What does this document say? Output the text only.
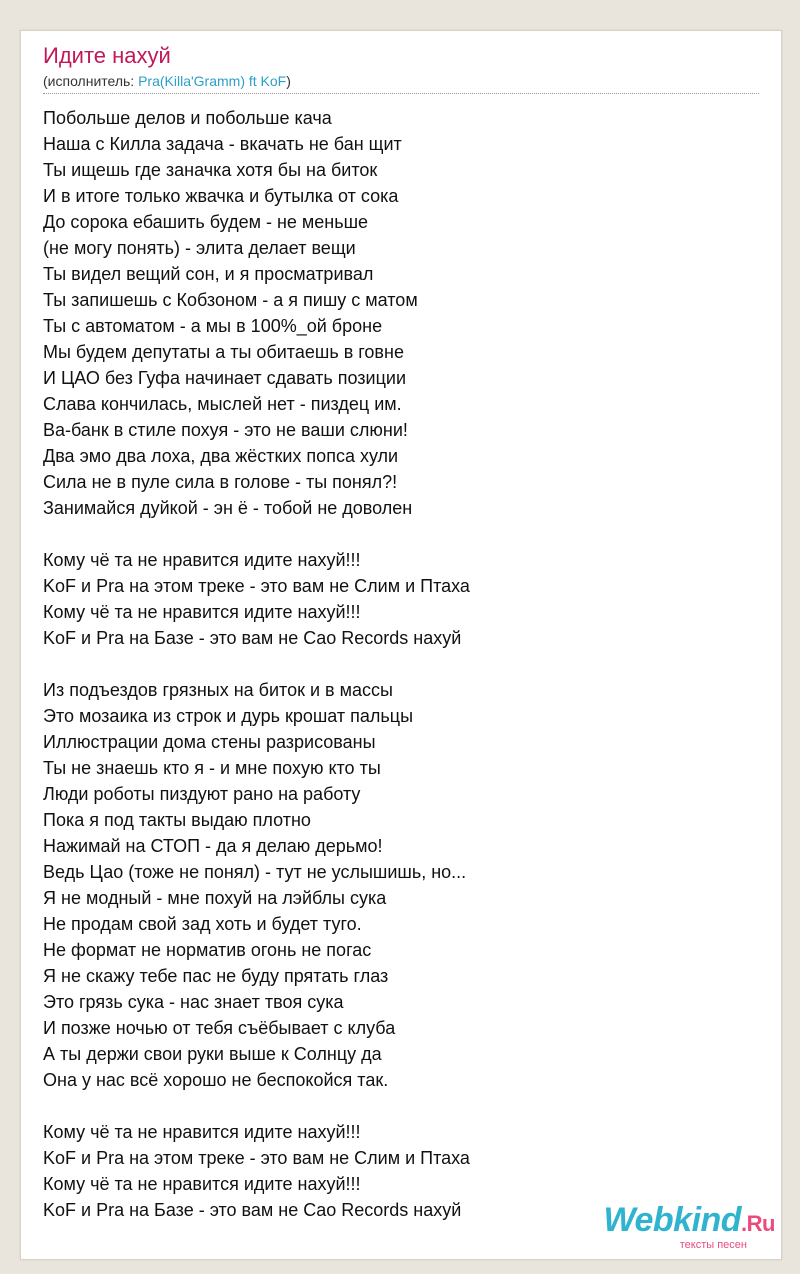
Идите нахуй
(исполнитель: Pra(Killa'Gramm) ft KoF)
Побольше делов и побольше кача
Наша с Килла задача - вкачать не бан щит
Ты ищешь где заначка хотя бы на биток
И в итоге только жвачка и бутылка от сока
До сорока ебашить будем - не меньше
(не могу понять) - элита делает вещи
Ты видел вещий сон, и я просматривал
Ты запишешь с Кобзоном - а я пишу с матом
Ты с автоматом - а мы в 100%_ой броне
Мы будем депутаты а ты обитаешь в говне
И ЦАО без Гуфа начинает сдавать позиции
Слава кончилась, мыслей нет - пиздец им.
Ва-банк в стиле похуя - это не ваши слюни!
Два эмо два лоха, два жёстких попса хули
Сила не в пуле сила в голове - ты понял?!
Занимайся дуйкой - эн ё - тобой не доволен
Кому чё та не нравится идите нахуй!!!
KoF и Pra на этом треке - это вам не Слим и Птаха
Кому чё та не нравится идите нахуй!!!
KoF и Pra на Базе - это вам не Cao Records нахуй
Из подъездов грязных на биток и в массы
Это мозаика из строк и дурь крошат пальцы
Иллюстрации дома стены разрисованы
Ты не знаешь кто я - и мне похую кто ты
Люди роботы пиздуют рано на работу
Пока я под такты выдаю плотно
Нажимай на СТОП - да я делаю дерьмо!
Ведь Цао (тоже не понял) - тут не услышишь, но...
Я не модный - мне похуй на лэйблы сука
Не продам свой зад хоть и будет туго.
Не формат не норматив огонь не погас
Я не скажу тебе пас не буду прятать глаз
Это грязь сука - нас знает твоя сука
И позже ночью от тебя съёбывает с клуба
А ты держи свои руки выше к Солнцу да
Она у нас всё хорошо не беспокойся так.
Кому чё та не нравится идите нахуй!!!
KoF и Pra на этом треке - это вам не Слим и Птаха
Кому чё та не нравится идите нахуй!!!
KoF и Pra на Базе - это вам не Cao Records нахуй	Webkind.Ru
тексты песен
